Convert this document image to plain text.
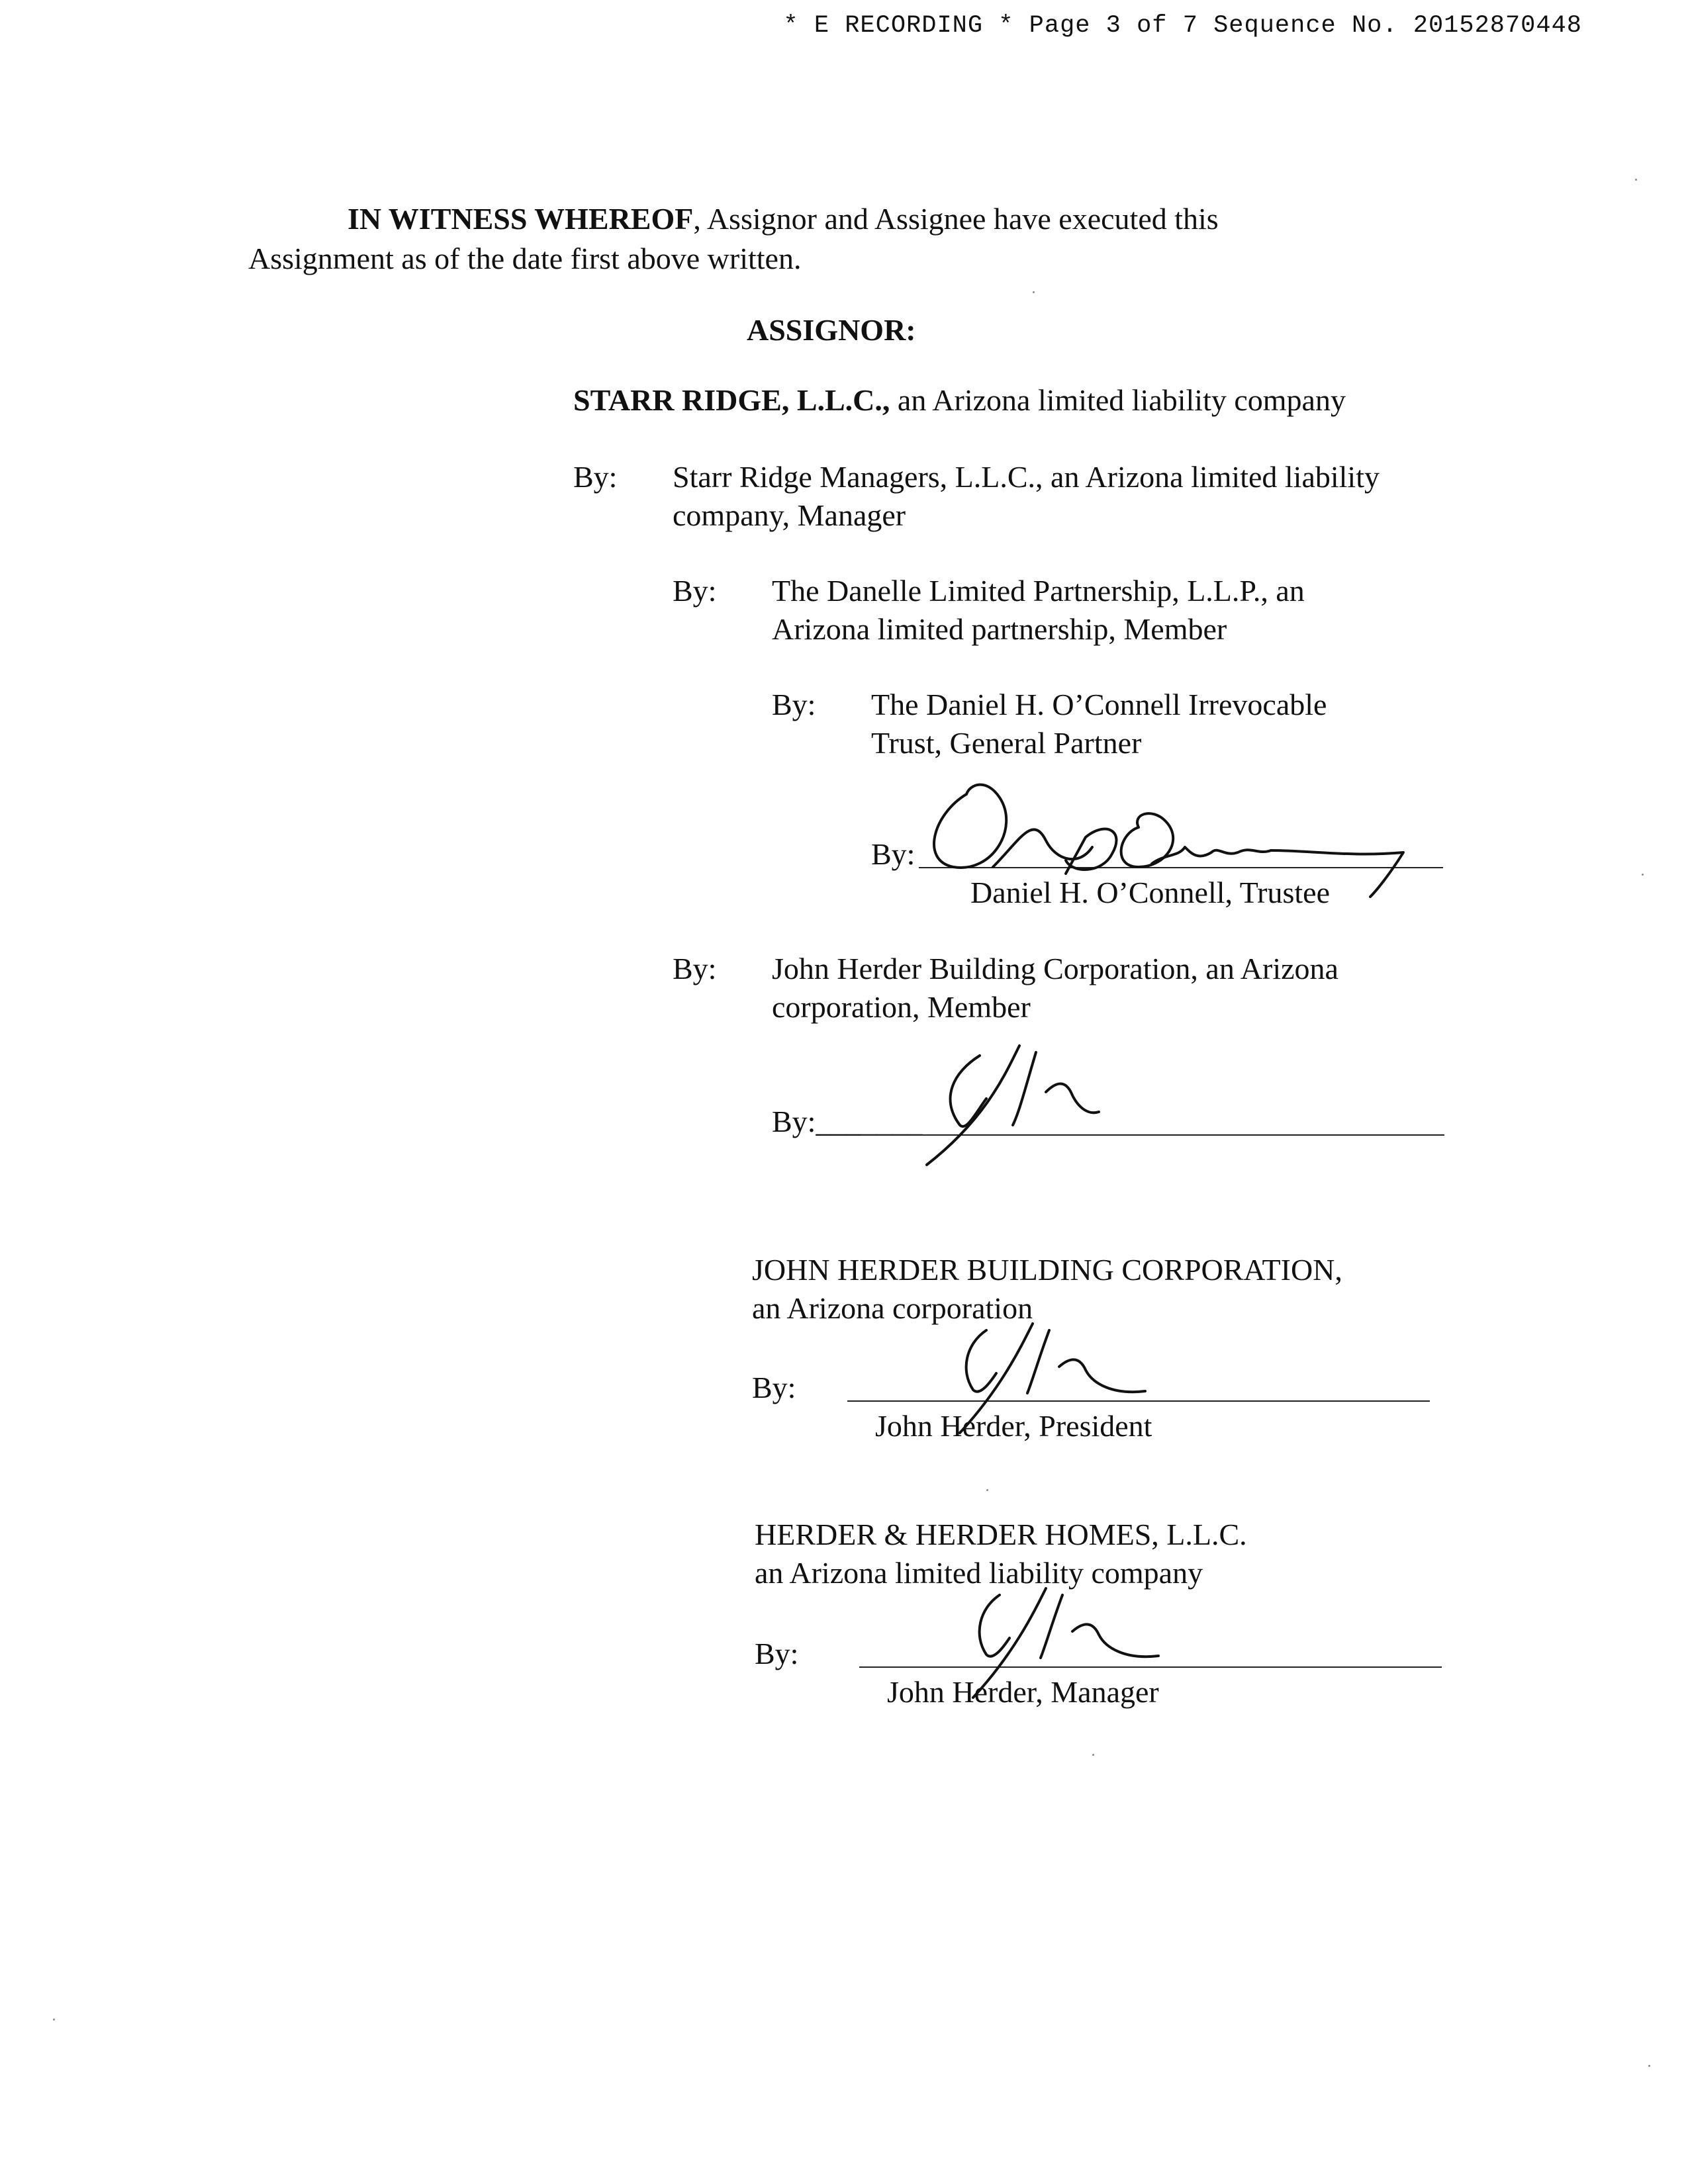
* E RECORDING * Page 3 of 7 Sequence No. 20152870448
IN WITNESS WHEREOF, Assignor and Assignee have executed this
Assignment as of the date first above written.
ASSIGNOR:
STARR RIDGE, L.L.C., an Arizona limited liability company
By: Starr Ridge Managers, L.L.C., an Arizona limited liability
company, Manager
By: The Danelle Limited Partnership, L.L.P., an
Arizona limited partnership, Member
By: The Daniel H. O’Connell Irrevocable
Trust, General Partner
By:
Daniel H. O’Connell, Trustee
By: John Herder Building Corporation, an Arizona
corporation, Member
By:_______
JOHN HERDER BUILDING CORPORATION,
an Arizona corporation
By:
John Herder, President
HERDER & HERDER HOMES, L.L.C.
an Arizona limited liability company
By:
John Herder, Manager
